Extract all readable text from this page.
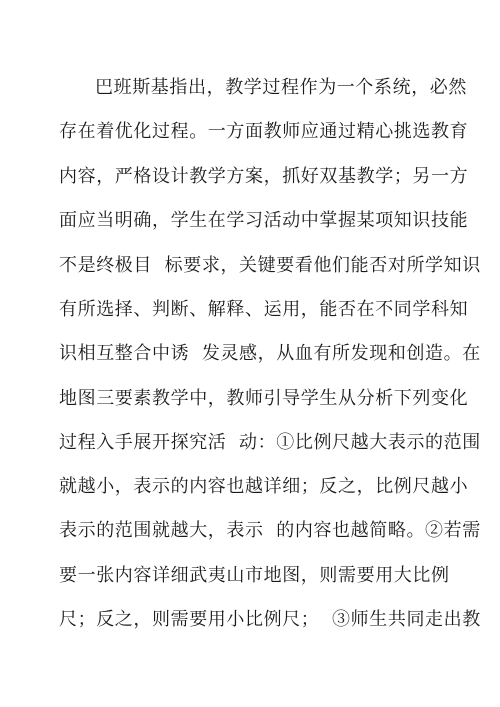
巴班斯基指出，教学过程作为一个系统，必然
存在着优化过程。一方面教师应通过精心挑选教育
内容，严格设计教学方案，抓好双基教学；另一方
面应当明确，学生在学习活动中掌握某项知识技能
不是终极目  标要求，关键要看他们能否对所学知识
有所选择、判断、解释、运用，能否在不同学科知
识相互整合中诱  发灵感，从血有所发现和创造。在
地图三要素教学中，教师引导学生从分析下列变化
过程入手展开探究活  动：①比例尺越大表示的范围
就越小，表示的内容也越详细；反之，比例尺越小
表示的范围就越大，表示  的内容也越简略。②若需
要一张内容详细武夷山市地图，则需要用大比例
尺；反之，则需要用小比例尺；  ③师生共同走出教
